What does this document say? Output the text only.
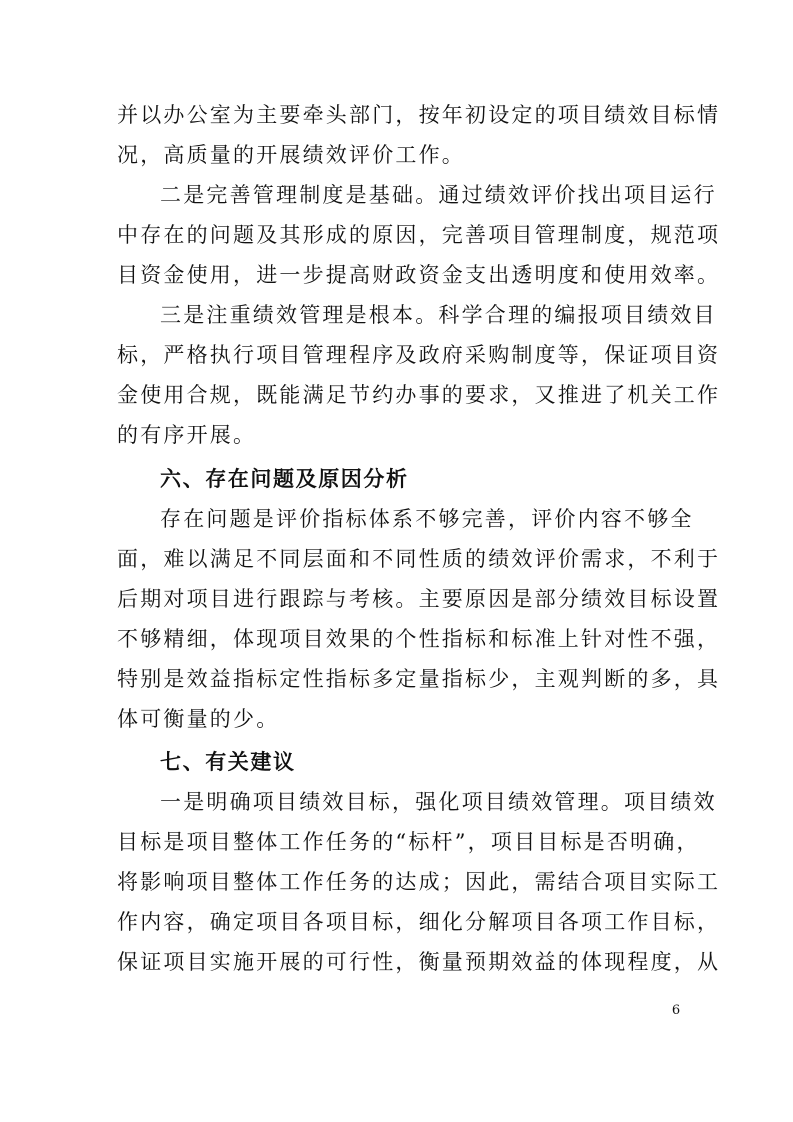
并以办公室为主要牵头部门，按年初设定的项目绩效目标情
况，高质量的开展绩效评价工作。
二是完善管理制度是基础。通过绩效评价找出项目运行
中存在的问题及其形成的原因，完善项目管理制度，规范项
目资金使用，进一步提高财政资金支出透明度和使用效率。
三是注重绩效管理是根本。科学合理的编报项目绩效目
标，严格执行项目管理程序及政府采购制度等，保证项目资
金使用合规，既能满足节约办事的要求，又推进了机关工作
的有序开展。
六、存在问题及原因分析
存在问题是评价指标体系不够完善，评价内容不够全
面，难以满足不同层面和不同性质的绩效评价需求，不利于
后期对项目进行跟踪与考核。主要原因是部分绩效目标设置
不够精细，体现项目效果的个性指标和标准上针对性不强，
特别是效益指标定性指标多定量指标少，主观判断的多，具
体可衡量的少。
七、有关建议
一是明确项目绩效目标，强化项目绩效管理。项目绩效
目标是项目整体工作任务的“标杆”，项目目标是否明确，
将影响项目整体工作任务的达成；因此，需结合项目实际工
作内容，确定项目各项目标，细化分解项目各项工作目标，
保证项目实施开展的可行性，衡量预期效益的体现程度，从
6
